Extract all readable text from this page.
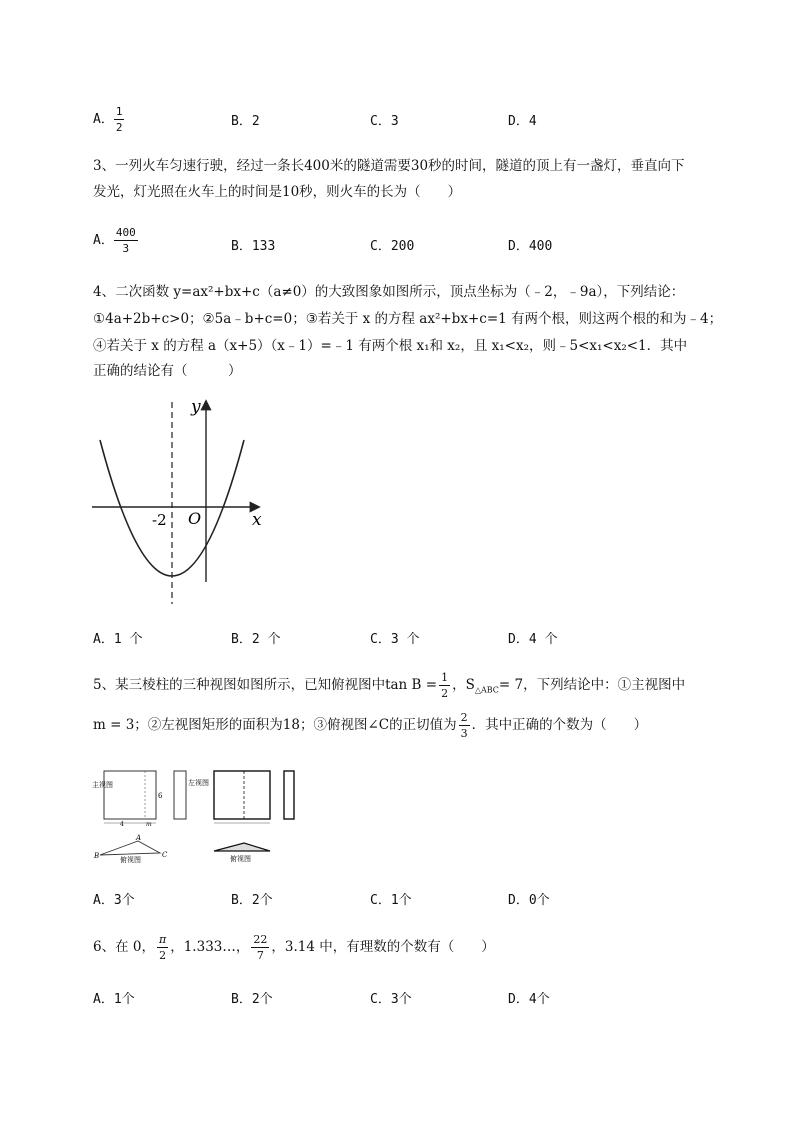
A． $\frac{1}{2}$	B．2	C．3	D．4
3、一列火车匀速行驶，经过一条长400米的隧道需要30秒的时间，隧道的顶上有一盏灯，垂直向下
发光，灯光照在火车上的时间是10秒，则火车的长为（　　）
A． $\frac{400}{3}$	B．133	C．200	D．400
4、二次函数 y=ax²+bx+c（a≠0）的大致图象如图所示，顶点坐标为（﹣2，﹣9a），下列结论：
①4a+2b+c>0；②5a﹣b+c=0；③若关于 x 的方程 ax²+bx+c=1 有两个根，则这两个根的和为﹣4；
④若关于 x 的方程 a（x+5）（x﹣1）=﹣1 有两个根 x₁和 x₂，且 x₁<x₂，则﹣5<x₁<x₂<1．其中
正确的结论有（　　　）
y
x
O
-2
A．1 个	B．2 个	C．3 个	D．4 个
5、某三棱柱的三种视图如图所示，已知俯视图中$\tan B = \frac{1}{2}$ ，$S_{\triangle ABC}= 7$，下列结论中：①主视图中
m = 3；②左视图矩形的面积为18；③俯视图∠C的正切值为 $\frac{2}{3}$ ．其中正确的个数为（　　）
主视图
6
4	m
左视图
B
A
C
俯视图	俯视图
A．3个	B．2个	C．1个	D．0个
6、在 0， $\frac{\pi}{2}$ ，1.333…， $\frac{22}{7}$ ，3.14 中，有理数的个数有（　　）
A．1个	B．2个	C．3个	D．4个
